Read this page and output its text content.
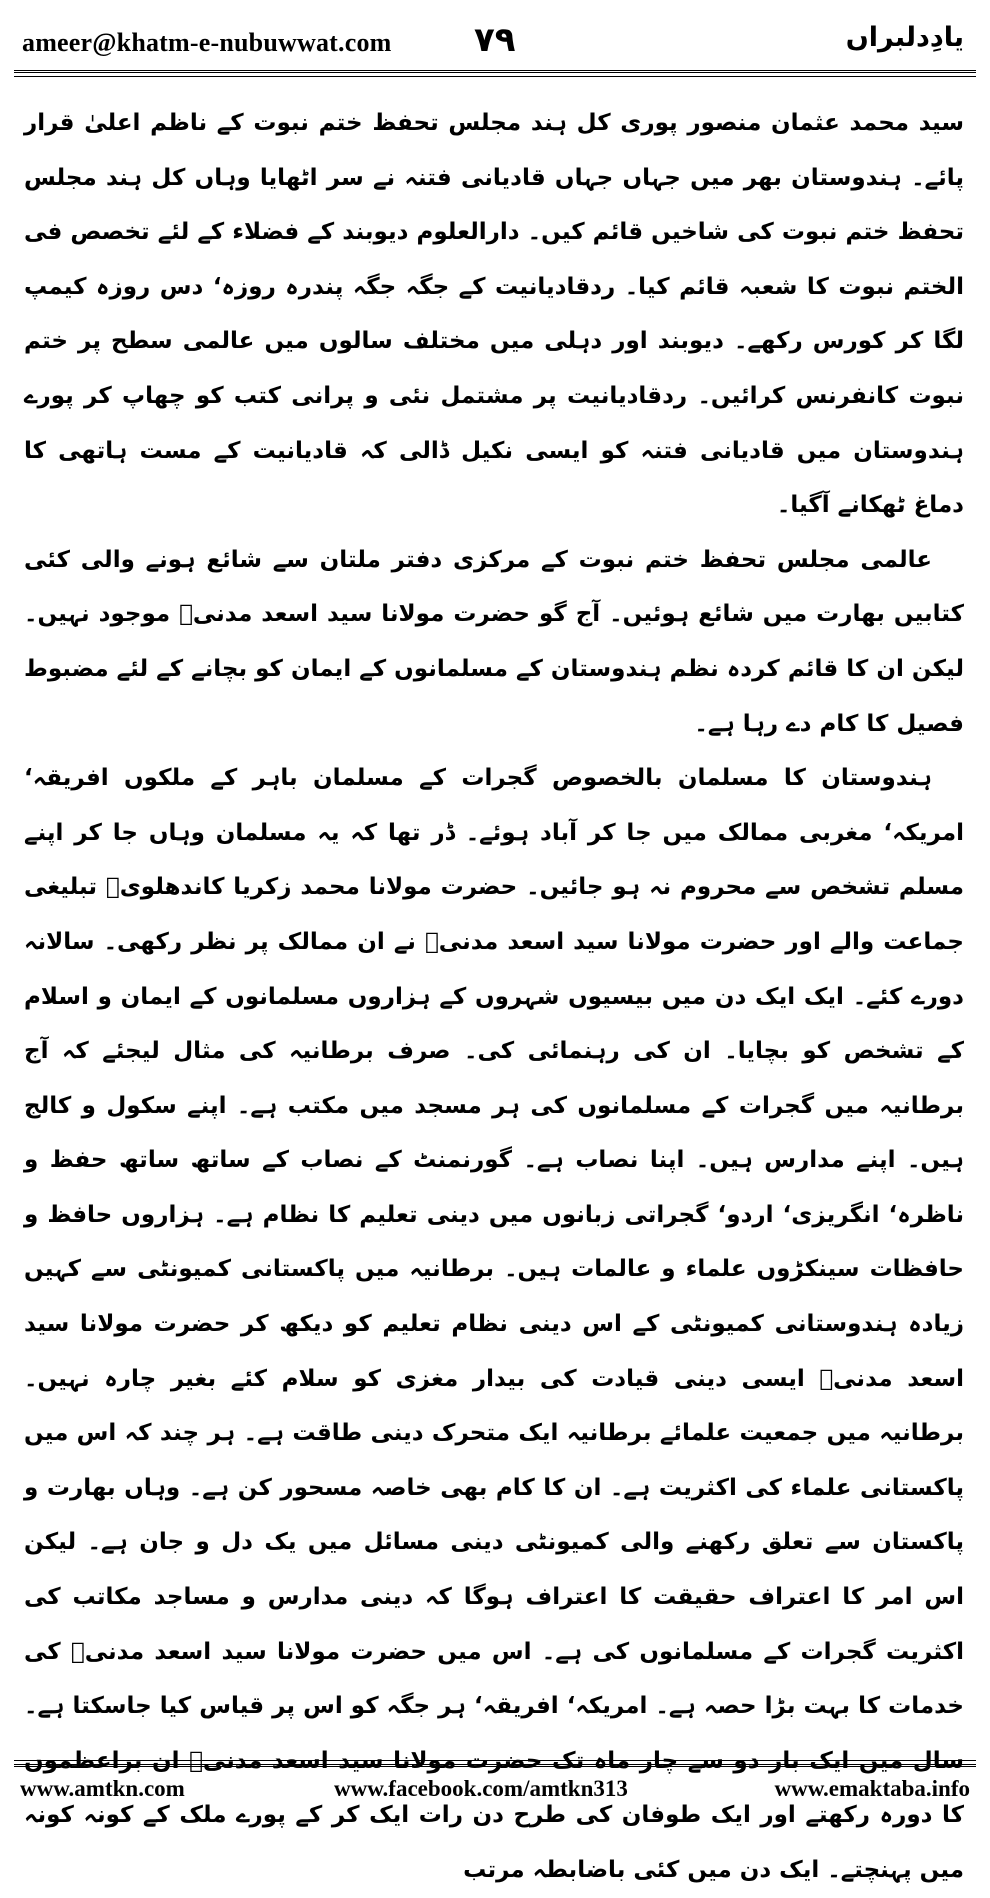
ameer@khatm-e-nubuwwat.com ۷۹	یادِدلبراں

سید محمد عثمان منصور پوری کل ہند مجلس تحفظ ختم نبوت کے ناظم اعلیٰ قرار پائے۔ ہندوستان بھر میں جہاں جہاں قادیانی فتنہ نے سر اٹھایا وہاں کل ہند مجلس تحفظ ختم نبوت کی شاخیں قائم کیں۔ دارالعلوم دیوبند کے فضلاء کے لئے تخصص فی الختم نبوت کا شعبہ قائم کیا۔ ردقادیانیت کے جگہ جگہ پندرہ روزہ‘ دس روزہ کیمپ لگا کر کورس رکھے۔ دیوبند اور دہلی میں مختلف سالوں میں عالمی سطح پر ختم نبوت کانفرنس کرائیں۔ ردقادیانیت پر مشتمل نئی و پرانی کتب کو چھاپ کر پورے ہندوستان میں قادیانی فتنہ کو ایسی نکیل ڈالی کہ قادیانیت کے مست ہاتھی کا دماغ ٹھکانے آگیا۔

عالمی مجلس تحفظ ختم نبوت کے مرکزی دفتر ملتان سے شائع ہونے والی کئی کتابیں بھارت میں شائع ہوئیں۔ آج گو حضرت مولانا سید اسعد مدنیؒ موجود نہیں۔ لیکن ان کا قائم کردہ نظم ہندوستان کے مسلمانوں کے ایمان کو بچانے کے لئے مضبوط فصیل کا کام دے رہا ہے۔

ہندوستان کا مسلمان بالخصوص گجرات کے مسلمان باہر کے ملکوں افریقہ‘ امریکہ‘ مغربی ممالک میں جا کر آباد ہوئے۔ ڈر تھا کہ یہ مسلمان وہاں جا کر اپنے مسلم تشخص سے محروم نہ ہو جائیں۔ حضرت مولانا محمد زکریا کاندھلویؒ تبلیغی جماعت والے اور حضرت مولانا سید اسعد مدنیؒ نے ان ممالک پر نظر رکھی۔ سالانہ دورے کئے۔ ایک ایک دن میں بیسیوں شہروں کے ہزاروں مسلمانوں کے ایمان و اسلام کے تشخص کو بچایا۔ ان کی رہنمائی کی۔ صرف برطانیہ کی مثال لیجئے کہ آج برطانیہ میں گجرات کے مسلمانوں کی ہر مسجد میں مکتب ہے۔ اپنے سکول و کالج ہیں۔ اپنے مدارس ہیں۔ اپنا نصاب ہے۔ گورنمنٹ کے نصاب کے ساتھ ساتھ حفظ و ناظرہ‘ انگریزی‘ اردو‘ گجراتی زبانوں میں دینی تعلیم کا نظام ہے۔ ہزاروں حافظ و حافظات سینکڑوں علماء و عالمات ہیں۔ برطانیہ میں پاکستانی کمیونٹی سے کہیں زیادہ ہندوستانی کمیونٹی کے اس دینی نظام تعلیم کو دیکھ کر حضرت مولانا سید اسعد مدنیؒ ایسی دینی قیادت کی بیدار مغزی کو سلام کئے بغیر چارہ نہیں۔ برطانیہ میں جمعیت علمائے برطانیہ ایک متحرک دینی طاقت ہے۔ ہر چند کہ اس میں پاکستانی علماء کی اکثریت ہے۔ ان کا کام بھی خاصہ مسحور کن ہے۔ وہاں بھارت و پاکستان سے تعلق رکھنے والی کمیونٹی دینی مسائل میں یک دل و جان ہے۔ لیکن اس امر کا اعتراف حقیقت کا اعتراف ہوگا کہ دینی مدارس و مساجد مکاتب کی اکثریت گجرات کے مسلمانوں کی ہے۔ اس میں حضرت مولانا سید اسعد مدنیؒ کی خدمات کا بہت بڑا حصہ ہے۔ امریکہ‘ افریقہ‘ ہر جگہ کو اس پر قیاس کیا جاسکتا ہے۔ سال میں ایک بار دو سے چار ماہ تک حضرت مولانا سید اسعد مدنیؒ ان براعظموں کا دورہ رکھتے اور ایک طوفان کی طرح دن رات ایک کر کے پورے ملک کے کونہ کونہ میں پہنچتے۔ ایک دن میں کئی باضابطہ مرتب

www.amtkn.com	www.facebook.com/amtkn313	www.emaktaba.info
